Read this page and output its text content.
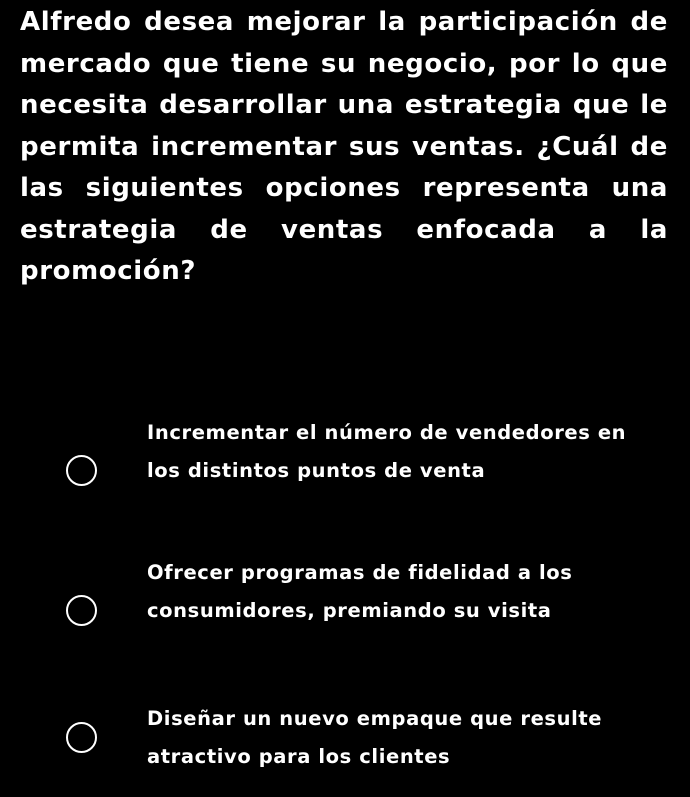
Alfredo desea mejorar la participación de mercado que tiene su negocio, por lo que necesita desarrollar una estrategia que le permita incrementar sus ventas. ¿Cuál de las siguientes opciones representa una estrategia de ventas enfocada a la promoción?

Incrementar el número de vendedores en los distintos puntos de venta
Ofrecer programas de fidelidad a los consumidores, premiando su visita
Diseñar un nuevo empaque que resulte atractivo para los clientes
